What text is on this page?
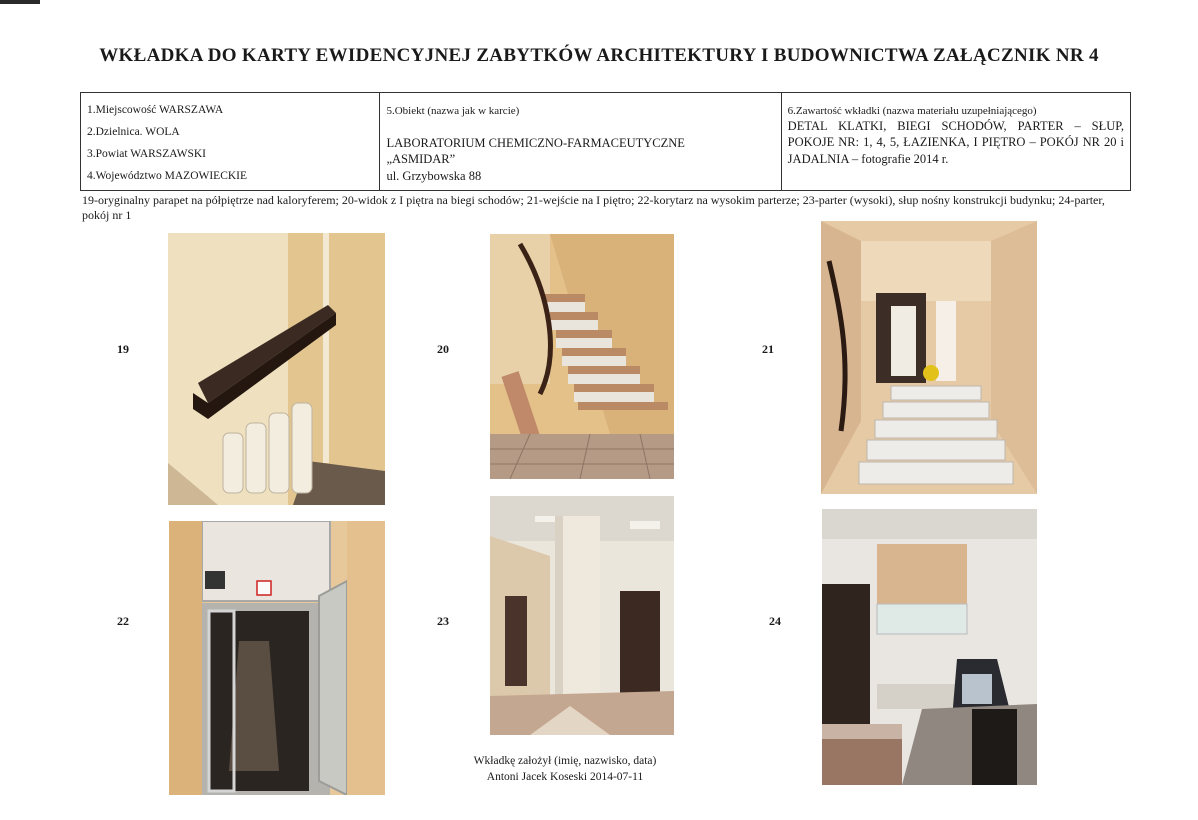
WKŁADKA DO KARTY EWIDENCYJNEJ ZABYTKÓW ARCHITEKTURY I BUDOWNICTWA ZAŁĄCZNIK NR 4
1.Miejscowość WARSZAWA
2.Dzielnica. WOLA
3.Powiat WARSZAWSKI
4.Województwo MAZOWIECKIE
5.Obiekt (nazwa jak w karcie)
LABORATORIUM CHEMICZNO-FARMACEUTYCZNE
„ASMIDAR”
ul. Grzybowska 88
6.Zawartość wkładki (nazwa materiału uzupełniającego)
DETAL KLATKI, BIEGI SCHODÓW, PARTER – SŁUP, POKOJE NR: 1, 4, 5, ŁAZIENKA, I PIĘTRO – POKÓJ NR 20 i JADALNIA – fotografie 2014 r.
19-oryginalny parapet na półpiętrze nad kaloryferem; 20-widok z I piętra na biegi schodów; 21-wejście na I piętro; 22-korytarz na wysokim parterze; 23-parter (wysoki), słup nośny konstrukcji budynku; 24-parter, pokój nr 1
19	20	21
22	23	24
Wkładkę założył (imię, nazwisko, data)
Antoni Jacek Koseski 2014-07-11
